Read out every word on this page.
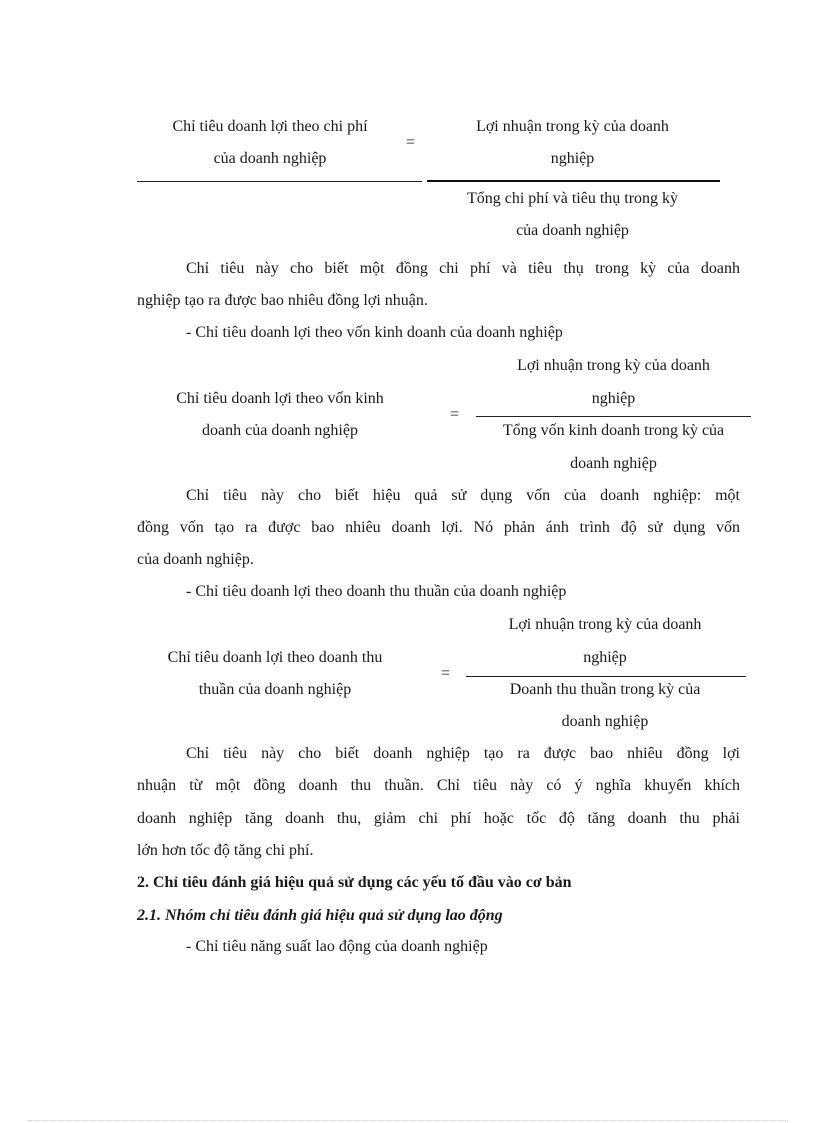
Chỉ tiêu doanh lợi theo chi phí
của doanh nghiệp
=
Lợi nhuận trong kỳ của doanh
nghiệp
Tổng chi phí và tiêu thụ trong kỳ
của doanh nghiệp
Chỉ tiêu này cho biết một đồng chi phí và tiêu thụ trong kỳ của doanh
nghiệp tạo ra được bao nhiêu đồng lợi nhuận.
- Chỉ tiêu doanh lợi theo vốn kinh doanh của doanh nghiệp
Chỉ tiêu doanh lợi theo vốn kinh
doanh của doanh nghiệp
=
Lợi nhuận trong kỳ của doanh
nghiệp
Tổng vốn kinh doanh trong kỳ của
doanh nghiệp
Chỉ tiêu này cho biết hiệu quả sử dụng vốn của doanh nghiệp: một
đồng vốn tạo ra được bao nhiêu doanh lợi. Nó phản ánh trình độ sử dụng vốn
của doanh nghiệp.
- Chỉ tiêu doanh lợi theo doanh thu thuần của doanh nghiệp
Chỉ tiêu doanh lợi theo doanh thu
thuần của doanh nghiệp
=
Lợi nhuận trong kỳ của doanh
nghiệp
Doanh thu thuần trong kỳ của
doanh nghiệp
Chỉ tiêu này cho biết doanh nghiệp tạo ra được bao nhiêu đồng lợi
nhuận từ một đồng doanh thu thuần. Chỉ tiêu này có ý nghĩa khuyến khích
doanh nghiệp tăng doanh thu, giảm chi phí hoặc tốc độ tăng doanh thu phải
lớn hơn tốc độ tăng chi phí.
2. Chỉ tiêu đánh giá hiệu quả sử dụng các yếu tố đầu vào cơ bản
2.1. Nhóm chỉ tiêu đánh giá hiệu quả sử dụng lao động
- Chỉ tiêu năng suất lao động của doanh nghiệp
